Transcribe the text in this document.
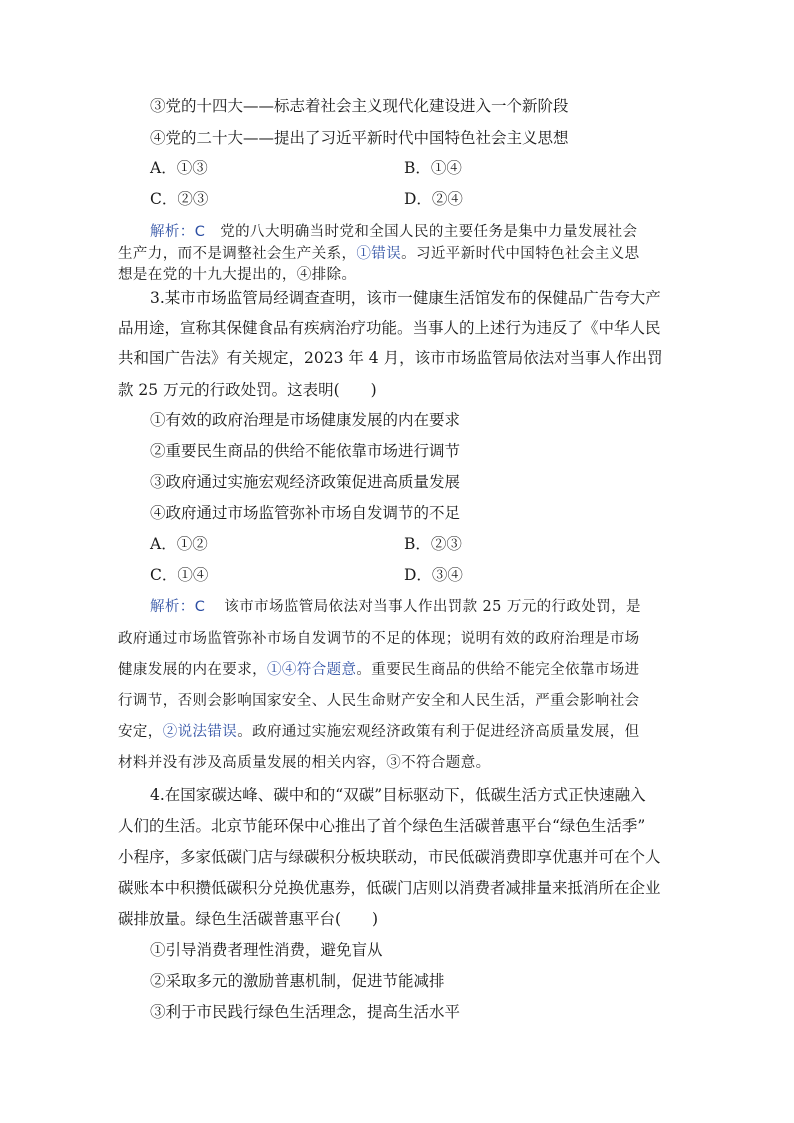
③党的十四大——标志着社会主义现代化建设进入一个新阶段
④党的二十大——提出了习近平新时代中国特色社会主义思想
A．①③	B．①④
C．②③	D．②④
解析：C 党的八大明确当时党和全国人民的主要任务是集中力量发展社会
生产力，而不是调整社会生产关系，①错误。习近平新时代中国特色社会主义思
想是在党的十九大提出的，④排除。
3.某市市场监管局经调查查明，该市一健康生活馆发布的保健品广告夸大产
品用途，宣称其保健食品有疾病治疗功能。当事人的上述行为违反了《中华人民
共和国广告法》有关规定，2023 年 4 月，该市市场监管局依法对当事人作出罚
款 25 万元的行政处罚。这表明(　　)
①有效的政府治理是市场健康发展的内在要求
②重要民生商品的供给不能依靠市场进行调节
③政府通过实施宏观经济政策促进高质量发展
④政府通过市场监管弥补市场自发调节的不足
A．①②	B．②③
C．①④	D．③④
解析：C 该市市场监管局依法对当事人作出罚款 25 万元的行政处罚，是
政府通过市场监管弥补市场自发调节的不足的体现；说明有效的政府治理是市场
健康发展的内在要求，①④符合题意。重要民生商品的供给不能完全依靠市场进
行调节，否则会影响国家安全、人民生命财产安全和人民生活，严重会影响社会
安定，②说法错误。政府通过实施宏观经济政策有利于促进经济高质量发展，但
材料并没有涉及高质量发展的相关内容，③不符合题意。
4.在国家碳达峰、碳中和的“双碳”目标驱动下，低碳生活方式正快速融入
人们的生活。北京节能环保中心推出了首个绿色生活碳普惠平台“绿色生活季”
小程序，多家低碳门店与绿碳积分板块联动，市民低碳消费即享优惠并可在个人
碳账本中积攒低碳积分兑换优惠券，低碳门店则以消费者减排量来抵消所在企业
碳排放量。绿色生活碳普惠平台(　　)
①引导消费者理性消费，避免盲从
②采取多元的激励普惠机制，促进节能减排
③利于市民践行绿色生活理念，提高生活水平
